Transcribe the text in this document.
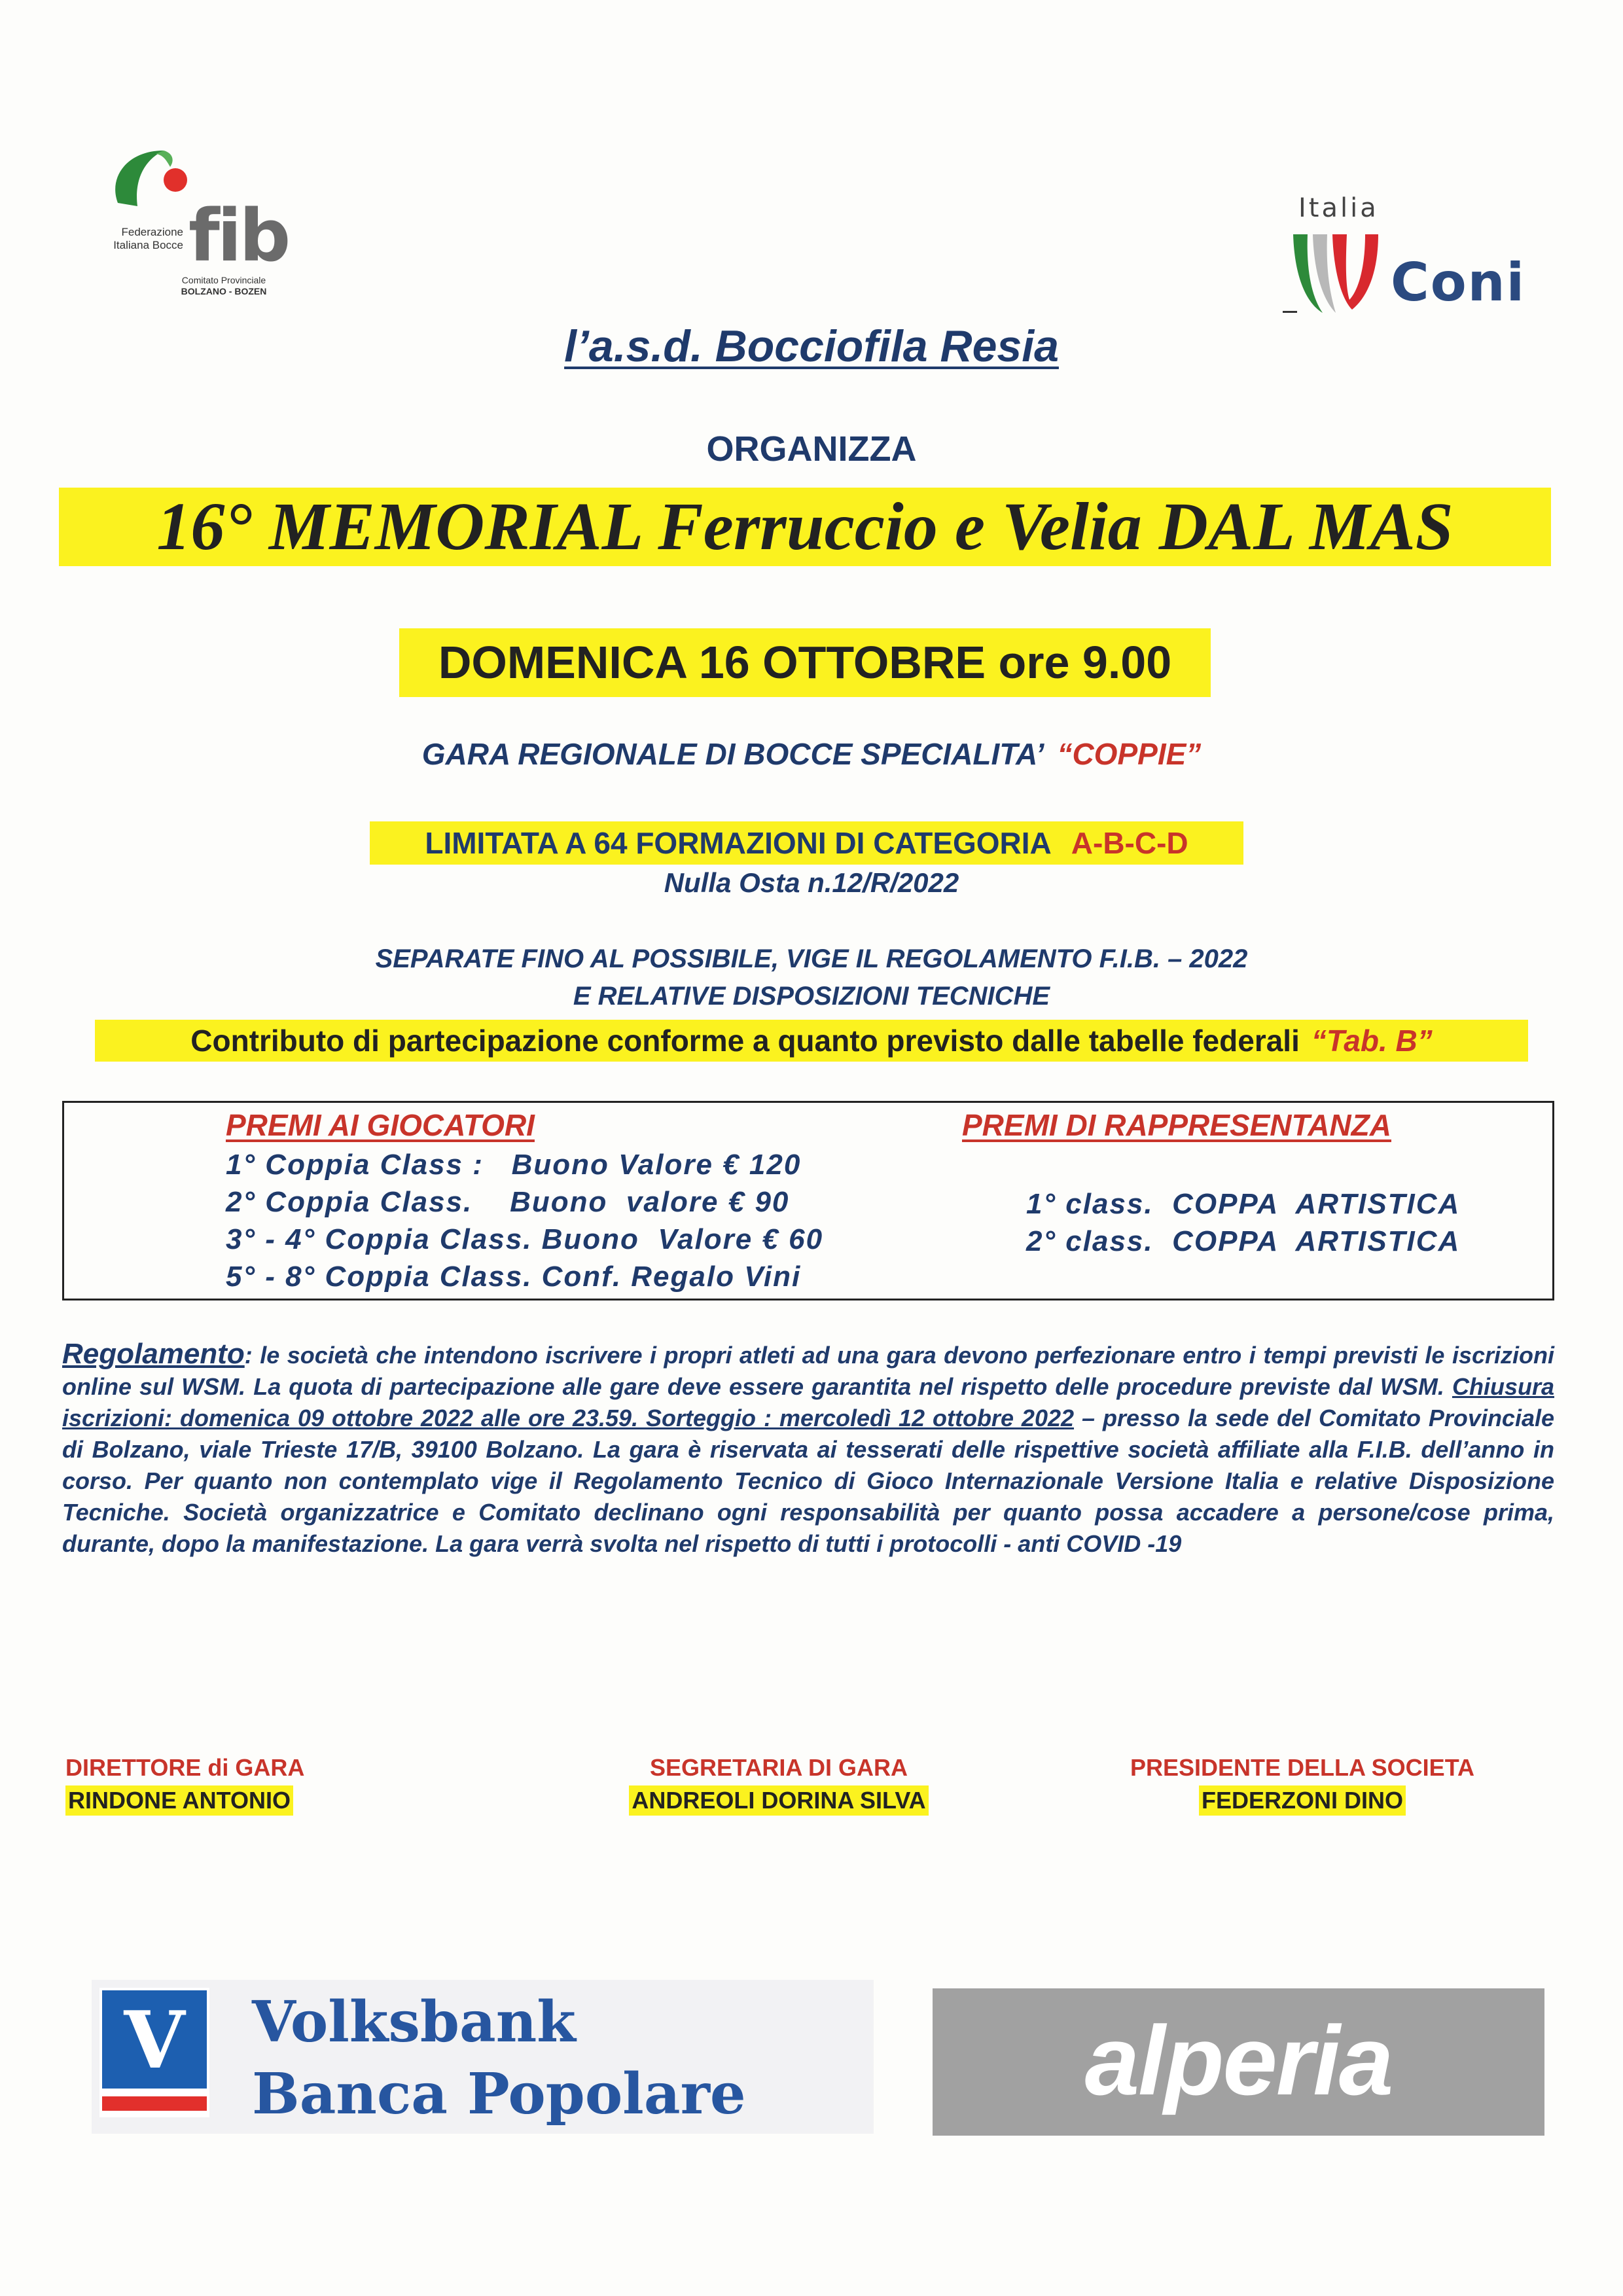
Federazione
Italiana Bocce fib
Comitato Provinciale
BOLZANO - BOZEN
Italia
Coni
l’a.s.d. Bocciofila Resia
ORGANIZZA
16° MEMORIAL Ferruccio e Velia DAL MAS
DOMENICA 16 OTTOBRE ore 9.00
GARA REGIONALE DI BOCCE SPECIALITA’ “COPPIE”
LIMITATA A 64 FORMAZIONI DI CATEGORIA A-B-C-D
Nulla Osta n.12/R/2022
SEPARATE FINO AL POSSIBILE, VIGE IL REGOLAMENTO F.I.B. – 2022
E RELATIVE DISPOSIZIONI TECNICHE
Contributo di partecipazione conforme a quanto previsto dalle tabelle federali “Tab. B”
PREMI AI GIOCATORI	PREMI DI RAPPRESENTANZA
1° Coppia Class :   Buono Valore € 120
2° Coppia Class.    Buono  valore € 90
3° - 4° Coppia Class. Buono  Valore € 60
5° - 8° Coppia Class. Conf. Regalo Vini
1° class.  COPPA  ARTISTICA
2° class.  COPPA  ARTISTICA
Regolamento: le società che intendono iscrivere i propri atleti ad una gara devono perfezionare entro i tempi previsti le iscrizioni online sul WSM. La quota di partecipazione alle gare deve essere garantita nel rispetto delle procedure previste dal WSM. Chiusura iscrizioni: domenica 09 ottobre 2022 alle ore 23.59. Sorteggio : mercoledì 12 ottobre 2022 – presso la sede del Comitato Provinciale di Bolzano, viale Trieste 17/B, 39100 Bolzano. La gara è riservata ai tesserati delle rispettive società affiliate alla F.I.B. dell’anno in corso. Per quanto non contemplato vige il Regolamento Tecnico di Gioco Internazionale Versione Italia e relative Disposizione Tecniche. Società organizzatrice e Comitato declinano ogni responsabilità per quanto possa accadere a persone/cose prima, durante, dopo la manifestazione. La gara verrà svolta nel rispetto di tutti i protocolli - anti COVID -19
DIRETTORE di GARA
RINDONE ANTONIO
SEGRETARIA DI GARA
ANDREOLI DORINA SILVA
PRESIDENTE DELLA SOCIETA
FEDERZONI DINO
V	Volksbank
Banca Popolare	alperia
